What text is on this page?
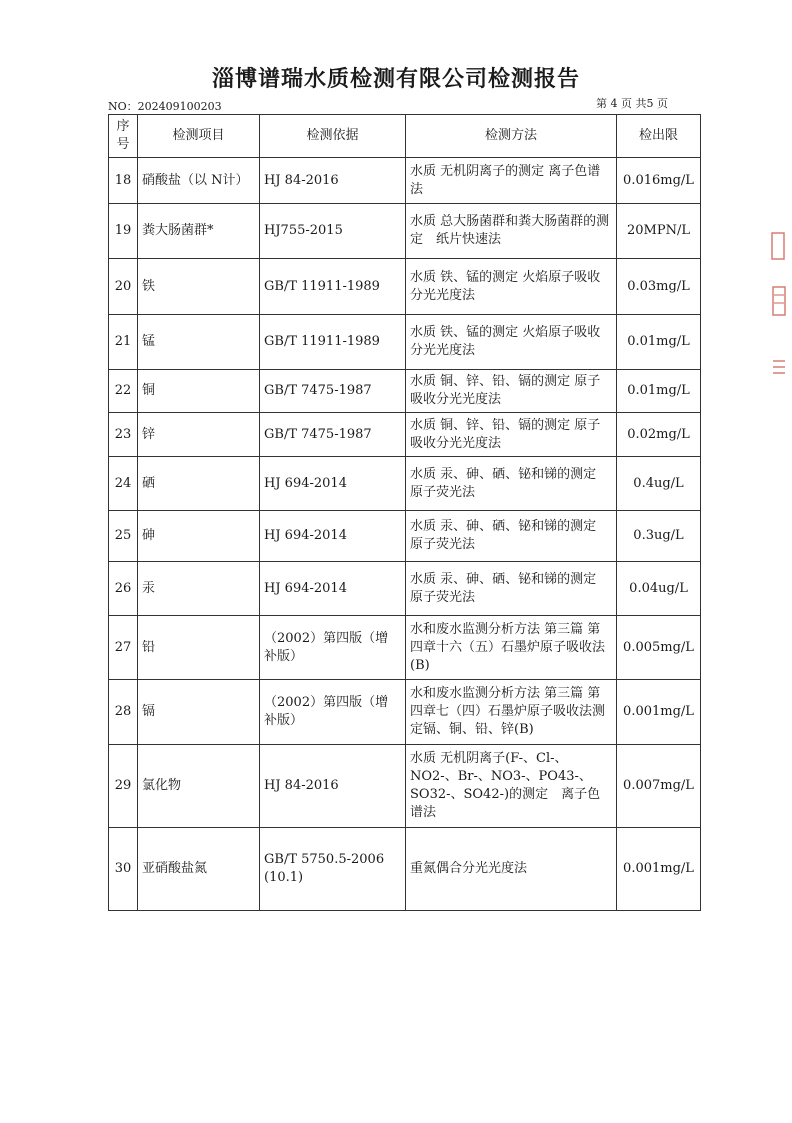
淄博谱瑞水质检测有限公司检测报告
NO：202409100203	第 4 页 共5 页
序号	检测项目	检测依据	检测方法	检出限
18	硝酸盐（以 N计）	HJ 84-2016	水质 无机阴离子的测定 离子色谱法	0.016mg/L
19	粪大肠菌群*	HJ755-2015	水质 总大肠菌群和粪大肠菌群的测定　纸片快速法	20MPN/L
20	铁	GB/T 11911-1989	水质 铁、锰的测定 火焰原子吸收分光光度法	0.03mg/L
21	锰	GB/T 11911-1989	水质 铁、锰的测定 火焰原子吸收分光光度法	0.01mg/L
22	铜	GB/T 7475-1987	水质 铜、锌、铅、镉的测定 原子吸收分光光度法	0.01mg/L
23	锌	GB/T 7475-1987	水质 铜、锌、铅、镉的测定 原子吸收分光光度法	0.02mg/L
24	硒	HJ 694-2014	水质 汞、砷、硒、铋和锑的测定 原子荧光法	0.4ug/L
25	砷	HJ 694-2014	水质 汞、砷、硒、铋和锑的测定 原子荧光法	0.3ug/L
26	汞	HJ 694-2014	水质 汞、砷、硒、铋和锑的测定 原子荧光法	0.04ug/L
27	铅	（2002）第四版（增补版）	水和废水监测分析方法 第三篇 第四章十六（五）石墨炉原子吸收法(B)	0.005mg/L
28	镉	（2002）第四版（增补版）	水和废水监测分析方法 第三篇 第四章七（四）石墨炉原子吸收法测定镉、铜、铅、锌(B)	0.001mg/L
29	氯化物	HJ 84-2016	水质 无机阴离子(F-、Cl-、NO2-、Br-、NO3-、PO43-、SO32-、SO42-)的测定　离子色谱法	0.007mg/L
30	亚硝酸盐氮	GB/T 5750.5-2006 (10.1)	重氮偶合分光光度法	0.001mg/L
